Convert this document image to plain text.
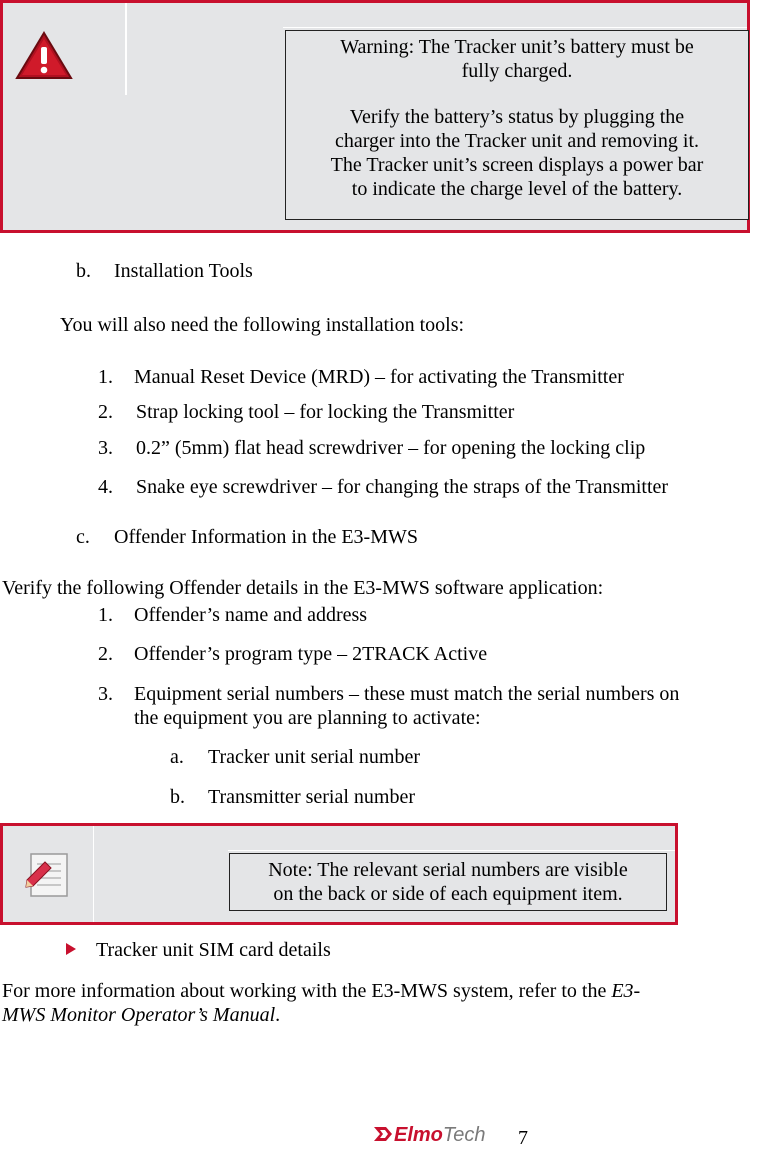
Warning: The Tracker unit’s battery must be
fully charged.
Verify the battery’s status by plugging the
charger into the Tracker unit and removing it.
The Tracker unit’s screen displays a power bar
to indicate the charge level of the battery.
b. Installation Tools
You will also need the following installation tools:
1. Manual Reset Device (MRD) – for activating the Transmitter
2. Strap locking tool – for locking the Transmitter
3. 0.2” (5mm) flat head screwdriver – for opening the locking clip
4. Snake eye screwdriver – for changing the straps of the Transmitter
c. Offender Information in the E3-MWS
Verify the following Offender details in the E3-MWS software application:
1. Offender’s name and address
2. Offender’s program type – 2TRACK Active
3. Equipment serial numbers – these must match the serial numbers on
the equipment you are planning to activate:
a. Tracker unit serial number
b. Transmitter serial number
Note: The relevant serial numbers are visible
on the back or side of each equipment item.
Tracker unit SIM card details
For more information about working with the E3-MWS system, refer to the E3-
MWS Monitor Operator’s Manual.
ElmoTech 7
